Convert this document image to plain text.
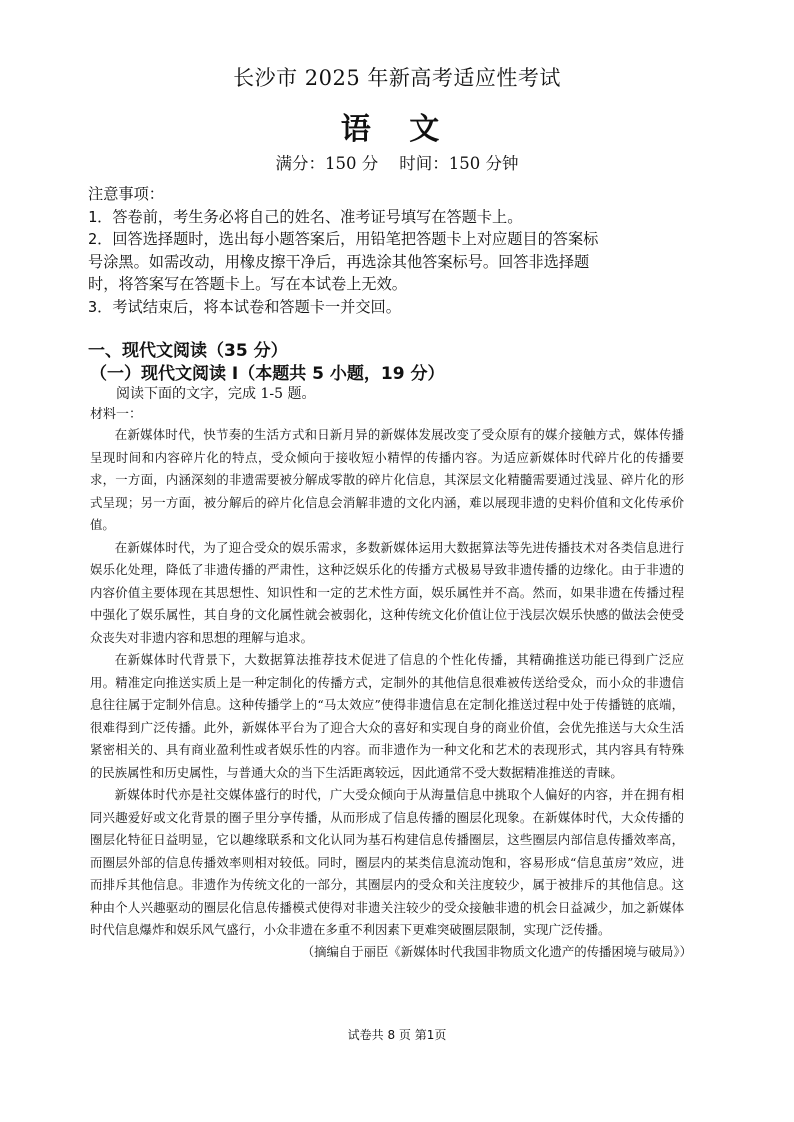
长沙市 2025 年新高考适应性考试
语 文
满分：150 分    时间：150 分钟
注意事项：
1．答卷前，考生务必将自己的姓名、准考证号填写在答题卡上。
2．回答选择题时，选出每小题答案后，用铅笔把答题卡上对应题目的答案标
号涂黑。如需改动，用橡皮擦干净后，再选涂其他答案标号。回答非选择题
时，将答案写在答题卡上。写在本试卷上无效。
3．考试结束后，将本试卷和答题卡一并交回。
一、现代文阅读（35 分）
（一）现代文阅读 I（本题共 5 小题，19 分）
阅读下面的文字，完成 1-5 题。
材料一：

在新媒体时代，快节奏的生活方式和日新月异的新媒体发展改变了受众原有的媒介接触方式，媒体传播呈现时间和内容碎片化的特点，受众倾向于接收短小精悍的传播内容。为适应新媒体时代碎片化的传播要求，一方面，内涵深刻的非遗需要被分解成零散的碎片化信息，其深层文化精髓需要通过浅显、碎片化的形式呈现；另一方面，被分解后的碎片化信息会消解非遗的文化内涵，难以展现非遗的史料价值和文化传承价值。

在新媒体时代，为了迎合受众的娱乐需求，多数新媒体运用大数据算法等先进传播技术对各类信息进行娱乐化处理，降低了非遗传播的严肃性，这种泛娱乐化的传播方式极易导致非遗传播的边缘化。由于非遗的内容价值主要体现在其思想性、知识性和一定的艺术性方面，娱乐属性并不高。然而，如果非遗在传播过程中强化了娱乐属性，其自身的文化属性就会被弱化，这种传统文化价值让位于浅层次娱乐快感的做法会使受众丧失对非遗内容和思想的理解与追求。

在新媒体时代背景下，大数据算法推荐技术促进了信息的个性化传播，其精确推送功能已得到广泛应用。精准定向推送实质上是一种定制化的传播方式，定制外的其他信息很难被传送给受众，而小众的非遗信息往往属于定制外信息。这种传播学上的“马太效应”使得非遗信息在定制化推送过程中处于传播链的底端，很难得到广泛传播。此外，新媒体平台为了迎合大众的喜好和实现自身的商业价值，会优先推送与大众生活紧密相关的、具有商业盈利性或者娱乐性的内容。而非遗作为一种文化和艺术的表现形式，其内容具有特殊的民族属性和历史属性，与普通大众的当下生活距离较远，因此通常不受大数据精准推送的青睐。

新媒体时代亦是社交媒体盛行的时代，广大受众倾向于从海量信息中挑取个人偏好的内容，并在拥有相同兴趣爱好或文化背景的圈子里分享传播，从而形成了信息传播的圈层化现象。在新媒体时代，大众传播的圈层化特征日益明显，它以趣缘联系和文化认同为基石构建信息传播圈层，这些圈层内部信息传播效率高，而圈层外部的信息传播效率则相对较低。同时，圈层内的某类信息流动饱和，容易形成“信息茧房”效应，进而排斥其他信息。非遗作为传统文化的一部分，其圈层内的受众和关注度较少，属于被排斥的其他信息。这种由个人兴趣驱动的圈层化信息传播模式使得对非遗关注较少的受众接触非遗的机会日益减少，加之新媒体时代信息爆炸和娱乐风气盛行，小众非遗在多重不利因素下更难突破圈层限制，实现广泛传播。

（摘编自于丽臣《新媒体时代我国非物质文化遗产的传播困境与破局》）
试卷共 8 页 第1页
